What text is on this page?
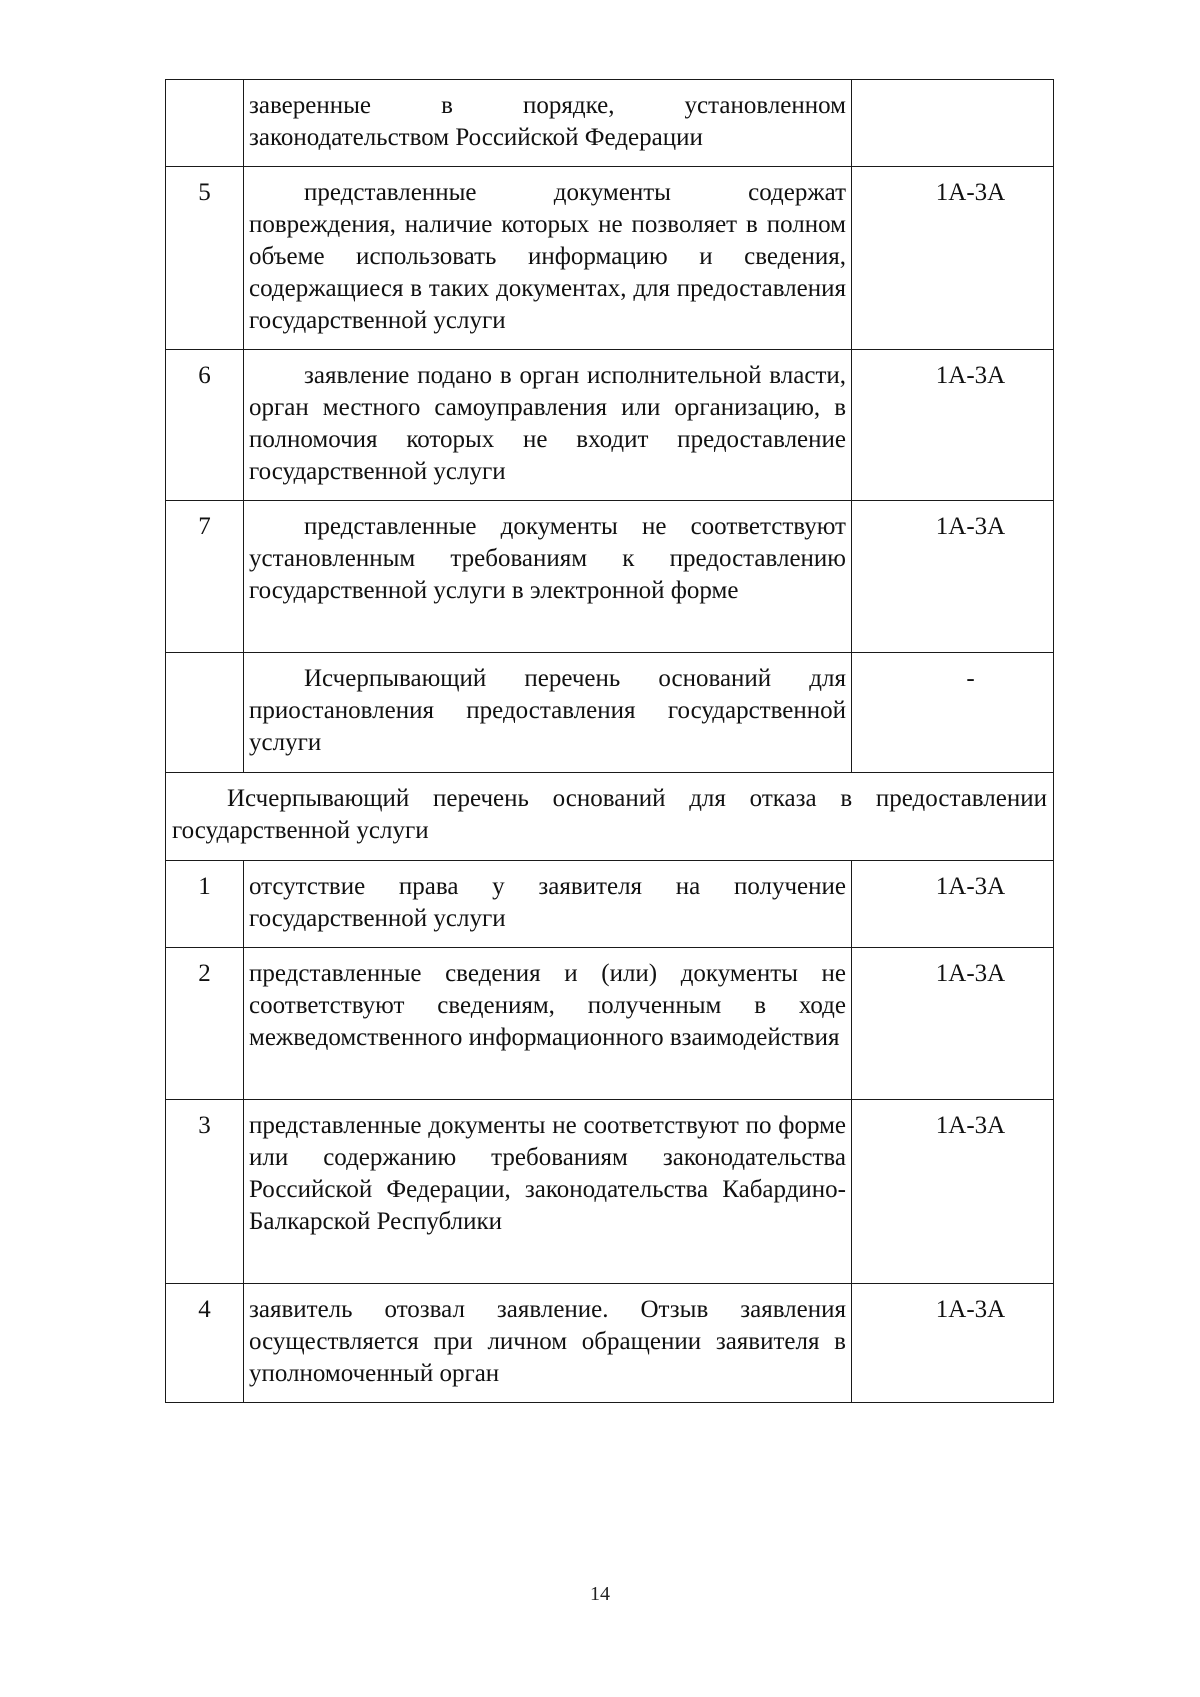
	заверенные в порядке, установленном законодательством Российской Федерации	
5	представленные документы содержат повреждения, наличие которых не позволяет в полном объеме использовать информацию и сведения, содержащиеся в таких документах, для предоставления государственной услуги	1А-3А
6	заявление подано в орган исполнительной власти, орган местного самоуправления или организацию, в полномочия которых не входит предоставление государственной услуги	1А-3А
7	представленные документы не соответствуют установленным требованиям к предоставлению государственной услуги в электронной форме	1А-3А
	Исчерпывающий перечень оснований для приостановления предоставления государственной услуги	-
Исчерпывающий перечень оснований для отказа в предоставлении государственной услуги		
1	отсутствие права у заявителя на получение государственной услуги	1А-3А
2	представленные сведения и (или) документы не соответствуют сведениям, полученным в ходе межведомственного информационного взаимодействия	1А-3А
3	представленные документы не соответствуют по форме или содержанию требованиям законодательства Российской Федерации, законодательства Кабардино-Балкарской Республики	1А-3А
4	заявитель отозвал заявление. Отзыв заявления осуществляется при личном обращении заявителя в уполномоченный орган	1А-3А
14
